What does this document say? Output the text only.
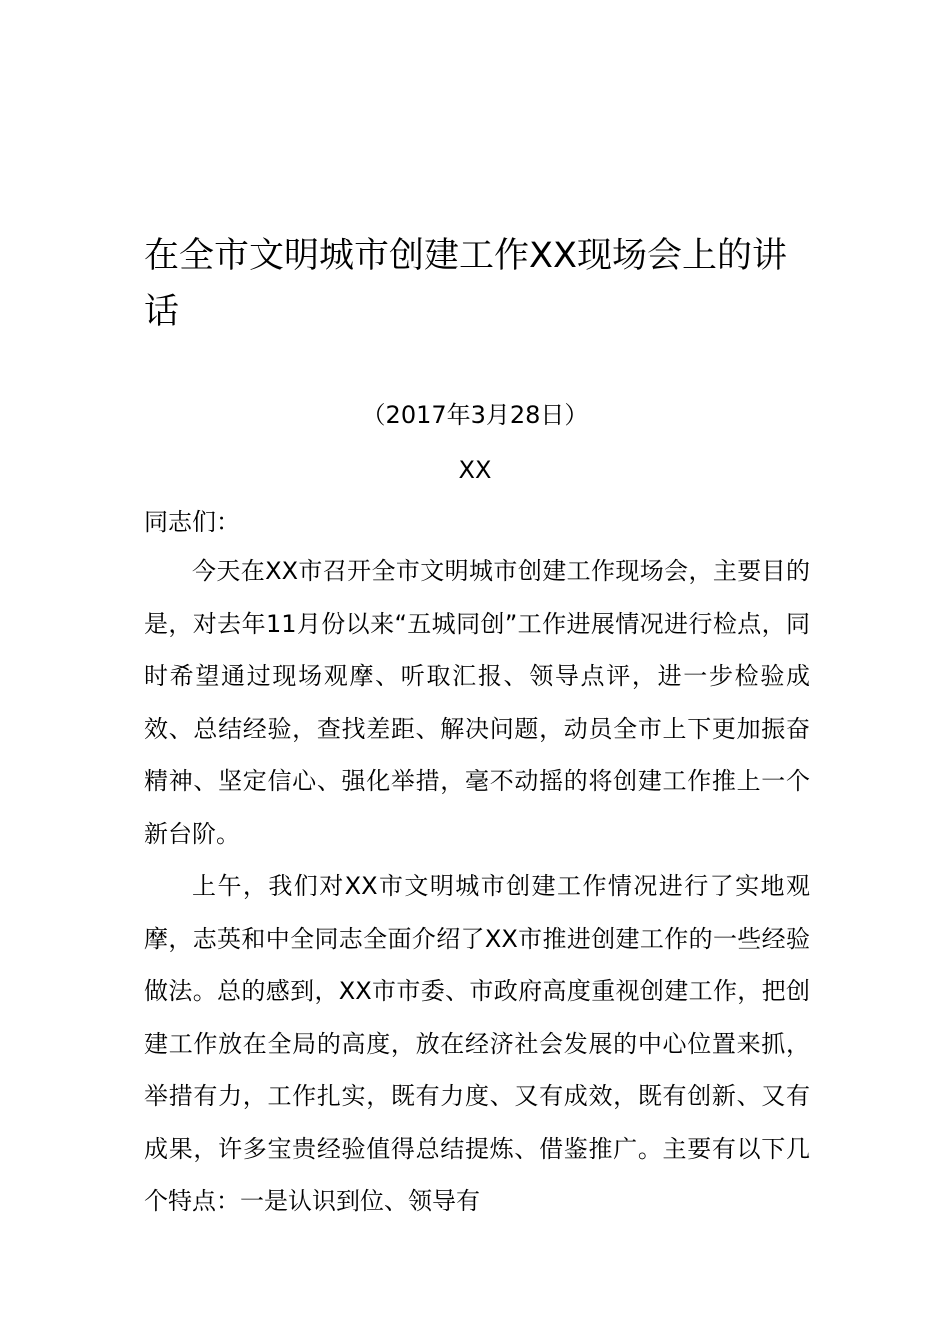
在全市文明城市创建工作XX现场会上的讲话
（2017年3月28日）
XX
同志们：

今天在XX市召开全市文明城市创建工作现场会，主要目的是，对去年11月份以来“五城同创”工作进展情况进行检点，同时希望通过现场观摩、听取汇报、领导点评，进一步检验成效、总结经验，查找差距、解决问题，动员全市上下更加振奋精神、坚定信心、强化举措，毫不动摇的将创建工作推上一个新台阶。

上午，我们对XX市文明城市创建工作情况进行了实地观摩，志英和中全同志全面介绍了XX市推进创建工作的一些经验做法。总的感到，XX市市委、市政府高度重视创建工作，把创建工作放在全局的高度，放在经济社会发展的中心位置来抓，举措有力，工作扎实，既有力度、又有成效，既有创新、又有成果，许多宝贵经验值得总结提炼、借鉴推广。主要有以下几个特点：一是认识到位、领导有
